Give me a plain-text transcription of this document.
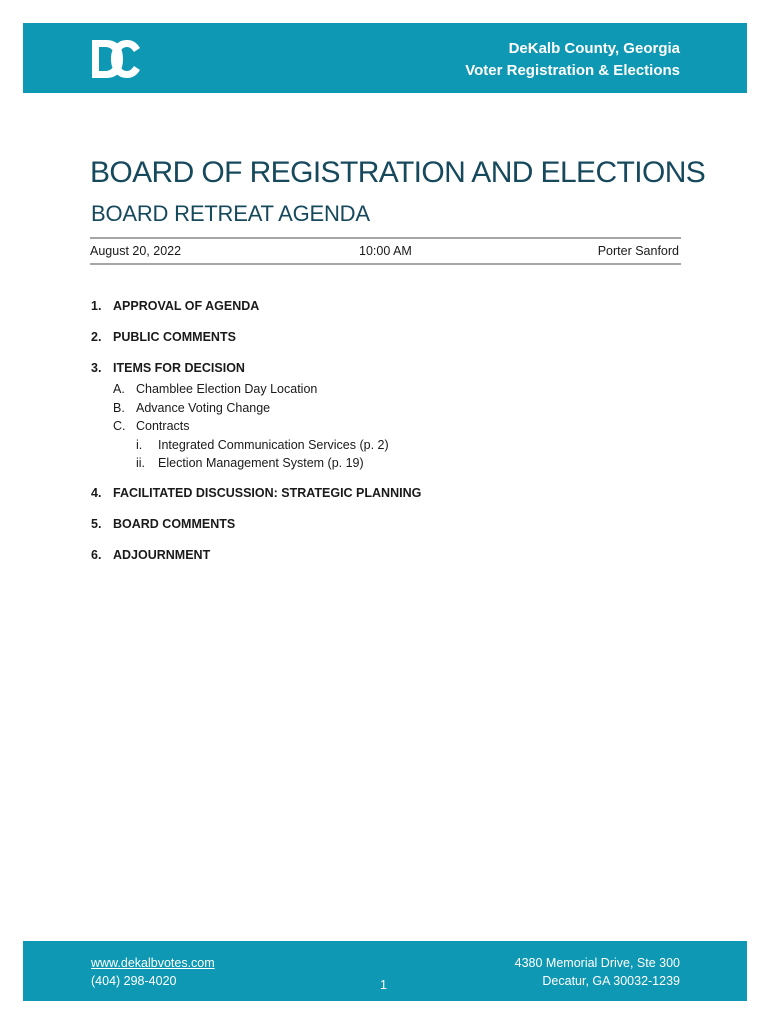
DeKalb County, Georgia
Voter Registration & Elections
BOARD OF REGISTRATION AND ELECTIONS
BOARD RETREAT AGENDA
August 20, 2022	10:00 AM	Porter Sanford
1. APPROVAL OF AGENDA
2. PUBLIC COMMENTS
3. ITEMS FOR DECISION
A. Chamblee Election Day Location
B. Advance Voting Change
C. Contracts
i. Integrated Communication Services (p. 2)
ii. Election Management System (p. 19)
4. FACILITATED DISCUSSION: STRATEGIC PLANNING
5. BOARD COMMENTS
6. ADJOURNMENT
www.dekalbvotes.com
(404) 298-4020	1
4380 Memorial Drive, Ste 300
Decatur, GA 30032-1239
